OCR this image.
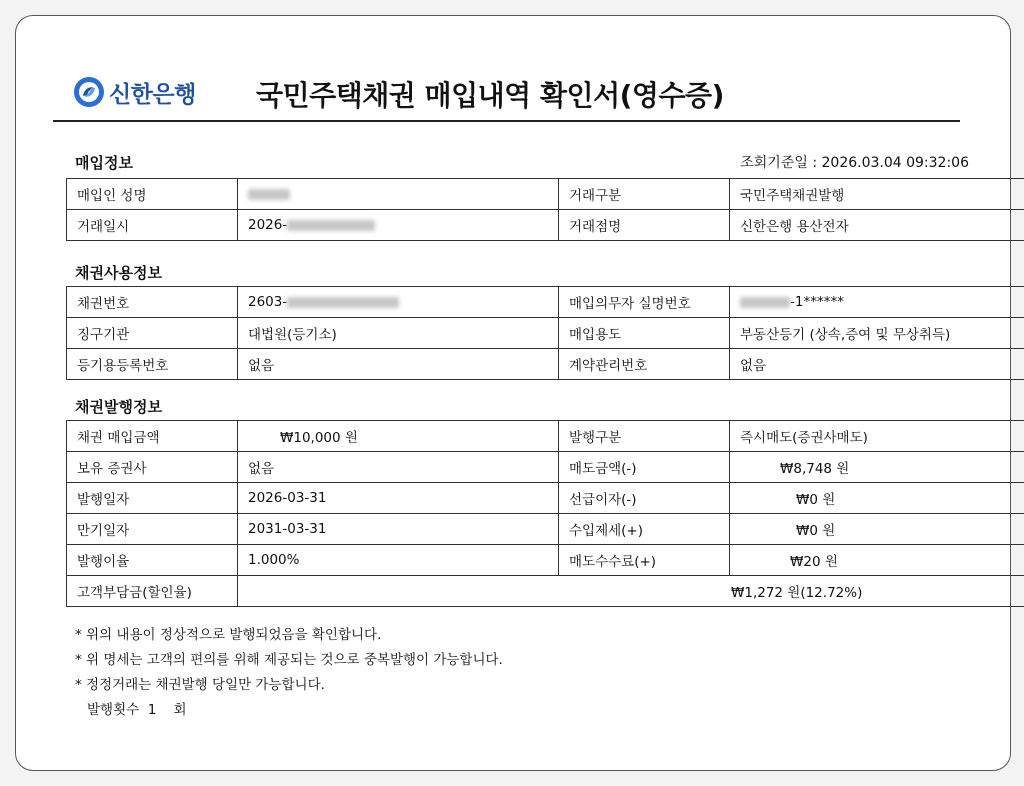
신한은행 국민주택채권 매입내역 확인서(영수증)
매입정보	조회기준일 : 2026.03.04 09:32:06
매입인 성명		거래구분	국민주택채권발행
거래일시	2026-	거래점명	신한은행 용산전자
채권사용정보
채권번호	2603-	매입의무자 실명번호	-1******
징구기관	대법원(등기소)	매입용도	부동산등기 (상속,증여 및 무상취득)
등기용등록번호	없음	계약관리번호	없음
채권발행정보
채권 매입금액	₩10,000 원	발행구분	즉시매도(증권사매도)
보유 증권사	없음	매도금액(-)	₩8,748 원
발행일자	2026-03-31	선급이자(-)	₩0 원
만기일자	2031-03-31	수입제세(+)	₩0 원
발행이율	1.000%	매도수수료(+)	₩20 원
고객부담금(할인율)	₩1,272 원(12.72%)		
* 위의 내용이 정상적으로 발행되었음을 확인합니다.
* 위 명세는 고객의 편의를 위해 제공되는 것으로 중복발행이 가능합니다.
* 정정거래는 채권발행 당일만 가능합니다.
발행횟수  1    회
